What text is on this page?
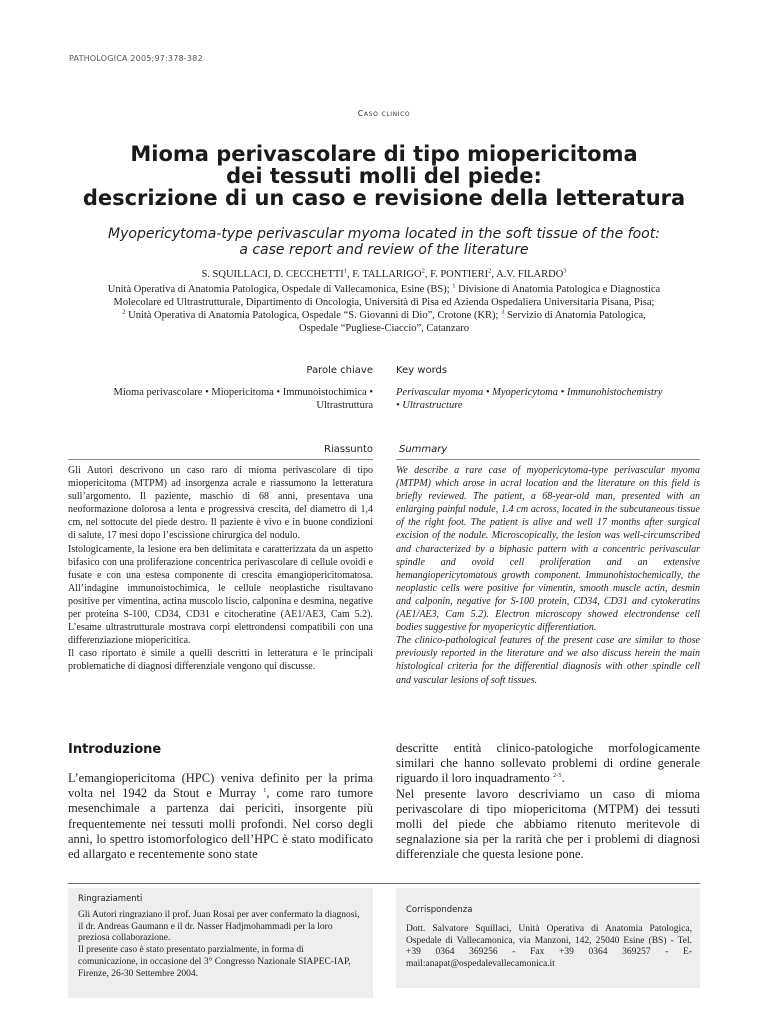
PATHOLOGICA 2005;97:378-382
Caso clinico
Mioma perivascolare di tipo miopericitoma
dei tessuti molli del piede:
descrizione di un caso e revisione della letteratura
Myopericytoma-type perivascular myoma located in the soft tissue of the foot:
a case report and review of the literature
S. SQUILLACI, D. CECCHETTI$^1$, F. TALLARIGO$^2$, F. PONTIERI$^2$, A.V. FILARDO$^3$
Unità Operativa di Anatomia Patologica, Ospedale di Vallecamonica, Esine (BS); $^1$ Divisione di Anatomia Patologica e Diagnostica
Molecolare ed Ultrastrutturale, Dipartimento di Oncologia, Università di Pisa ed Azienda Ospedaliera Universitaria Pisana, Pisa;
$^2$ Unità Operativa di Anatomia Patologica, Ospedale “S. Giovanni di Dio”, Crotone (KR); $^3$ Servizio di Anatomia Patologica,
Ospedale “Pugliese-Ciaccio”, Catanzaro
Parole chiave Key words
Mioma perivascolare • Miopericitoma • Immunoistochimica •
Ultrastruttura
Perivascular myoma • Myopericytoma • Immunohistochemistry
• Ultrastructure
Riassunto	Summary

Gli Autori descrivono un caso raro di mioma perivascolare di tipo miopericitoma (MTPM) ad insorgenza acrale e riassumono la letteratura sull’argomento. Il paziente, maschio di 68 anni, presentava una neoformazione dolorosa a lenta e progressiva crescita, del diametro di 1,4 cm, nel sottocute del piede destro. Il paziente è vivo e in buone condizioni di salute, 17 mesi dopo l’escissione chirurgica del nodulo.

Istologicamente, la lesione era ben delimitata e caratterizzata da un aspetto bifasico con una proliferazione concentrica perivascolare di cellule ovoidi e fusate e con una estesa componente di crescita emangiopericitomatosa. All’indagine immunoistochimica, le cellule neoplastiche risultavano positive per vimentina, actina muscolo liscio, calponina e desmina, negative per proteina S-100, CD34, CD31 e citocheratine (AE1/AE3, Cam 5.2). L’esame ultrastrutturale mostrava corpi elettrondensi compatibili con una differenziazione miopericitica.

Il caso riportato è simile a quelli descritti in letteratura e le principali problematiche di diagnosi differenziale vengono qui discusse.

We describe a rare case of myopericytoma-type perivascular myoma (MTPM) which arose in acral location and the literature on this field is briefly reviewed. The patient, a 68-year-old man, presented with an enlarging painful nodule, 1.4 cm across, located in the subcutaneous tissue of the right foot. The patient is alive and well 17 months after surgical excision of the nodule. Microscopically, the lesion was well-circumscribed and characterized by a biphasic pattern with a concentric perivascular spindle and ovoid cell proliferation and an extensive hemangiopericytomatous growth component. Immunohistochemically, the neoplastic cells were positive for vimentin, smooth muscle actin, desmin and calponin, negative for S-100 protein, CD34, CD31 and cytokeratins (AE1/AE3, Cam 5.2). Electron microscopy showed electrondense cell bodies suggestive for myopericytic differentiation.

The clinico-pathological features of the present case are similar to those previously reported in the literature and we also discuss herein the main histological criteria for the differential diagnosis with other spindle cell and vascular lesions of soft tissues.

Introduzione

L’emangiopericitoma (HPC) veniva definito per la prima volta nel 1942 da Stout e Murray $^1$, come raro tumore mesenchimale a partenza dai periciti, insorgente più frequentemente nei tessuti molli profondi. Nel corso degli anni, lo spettro istomorfologico dell’HPC è stato modificato ed allargato e recentemente sono state

descritte entità clinico-patologiche morfologicamente similari che hanno sollevato problemi di ordine generale riguardo il loro inquadramento $^{2-5}$.

Nel presente lavoro descriviamo un caso di mioma perivascolare di tipo miopericitoma (MTPM) dei tessuti molli del piede che abbiamo ritenuto meritevole di segnalazione sia per la rarità che per i problemi di diagnosi differenziale che questa lesione pone.

Ringraziamenti

Gli Autori ringraziano il prof. Juan Rosai per aver confermato la diagnosi, il dr. Andreas Gaumann e il dr. Nasser Hadjmohammadi per la loro preziosa collaborazione.

Il presente caso è stato presentato parzialmente, in forma di comunicazione, in occasione del 3° Congresso Nazionale SIAPEC-IAP, Firenze, 26-30 Settembre 2004.

Corrispondenza
Dott. Salvatore Squillaci, Unità Operativa di Anatomia Patologica, Ospedale di Vallecamonica, via Manzoni, 142, 25040 Esine (BS) - Tel. +39 0364 369256 - Fax +39 0364 369257 - E-mail:anapat@ospedalevallecamonica.it
